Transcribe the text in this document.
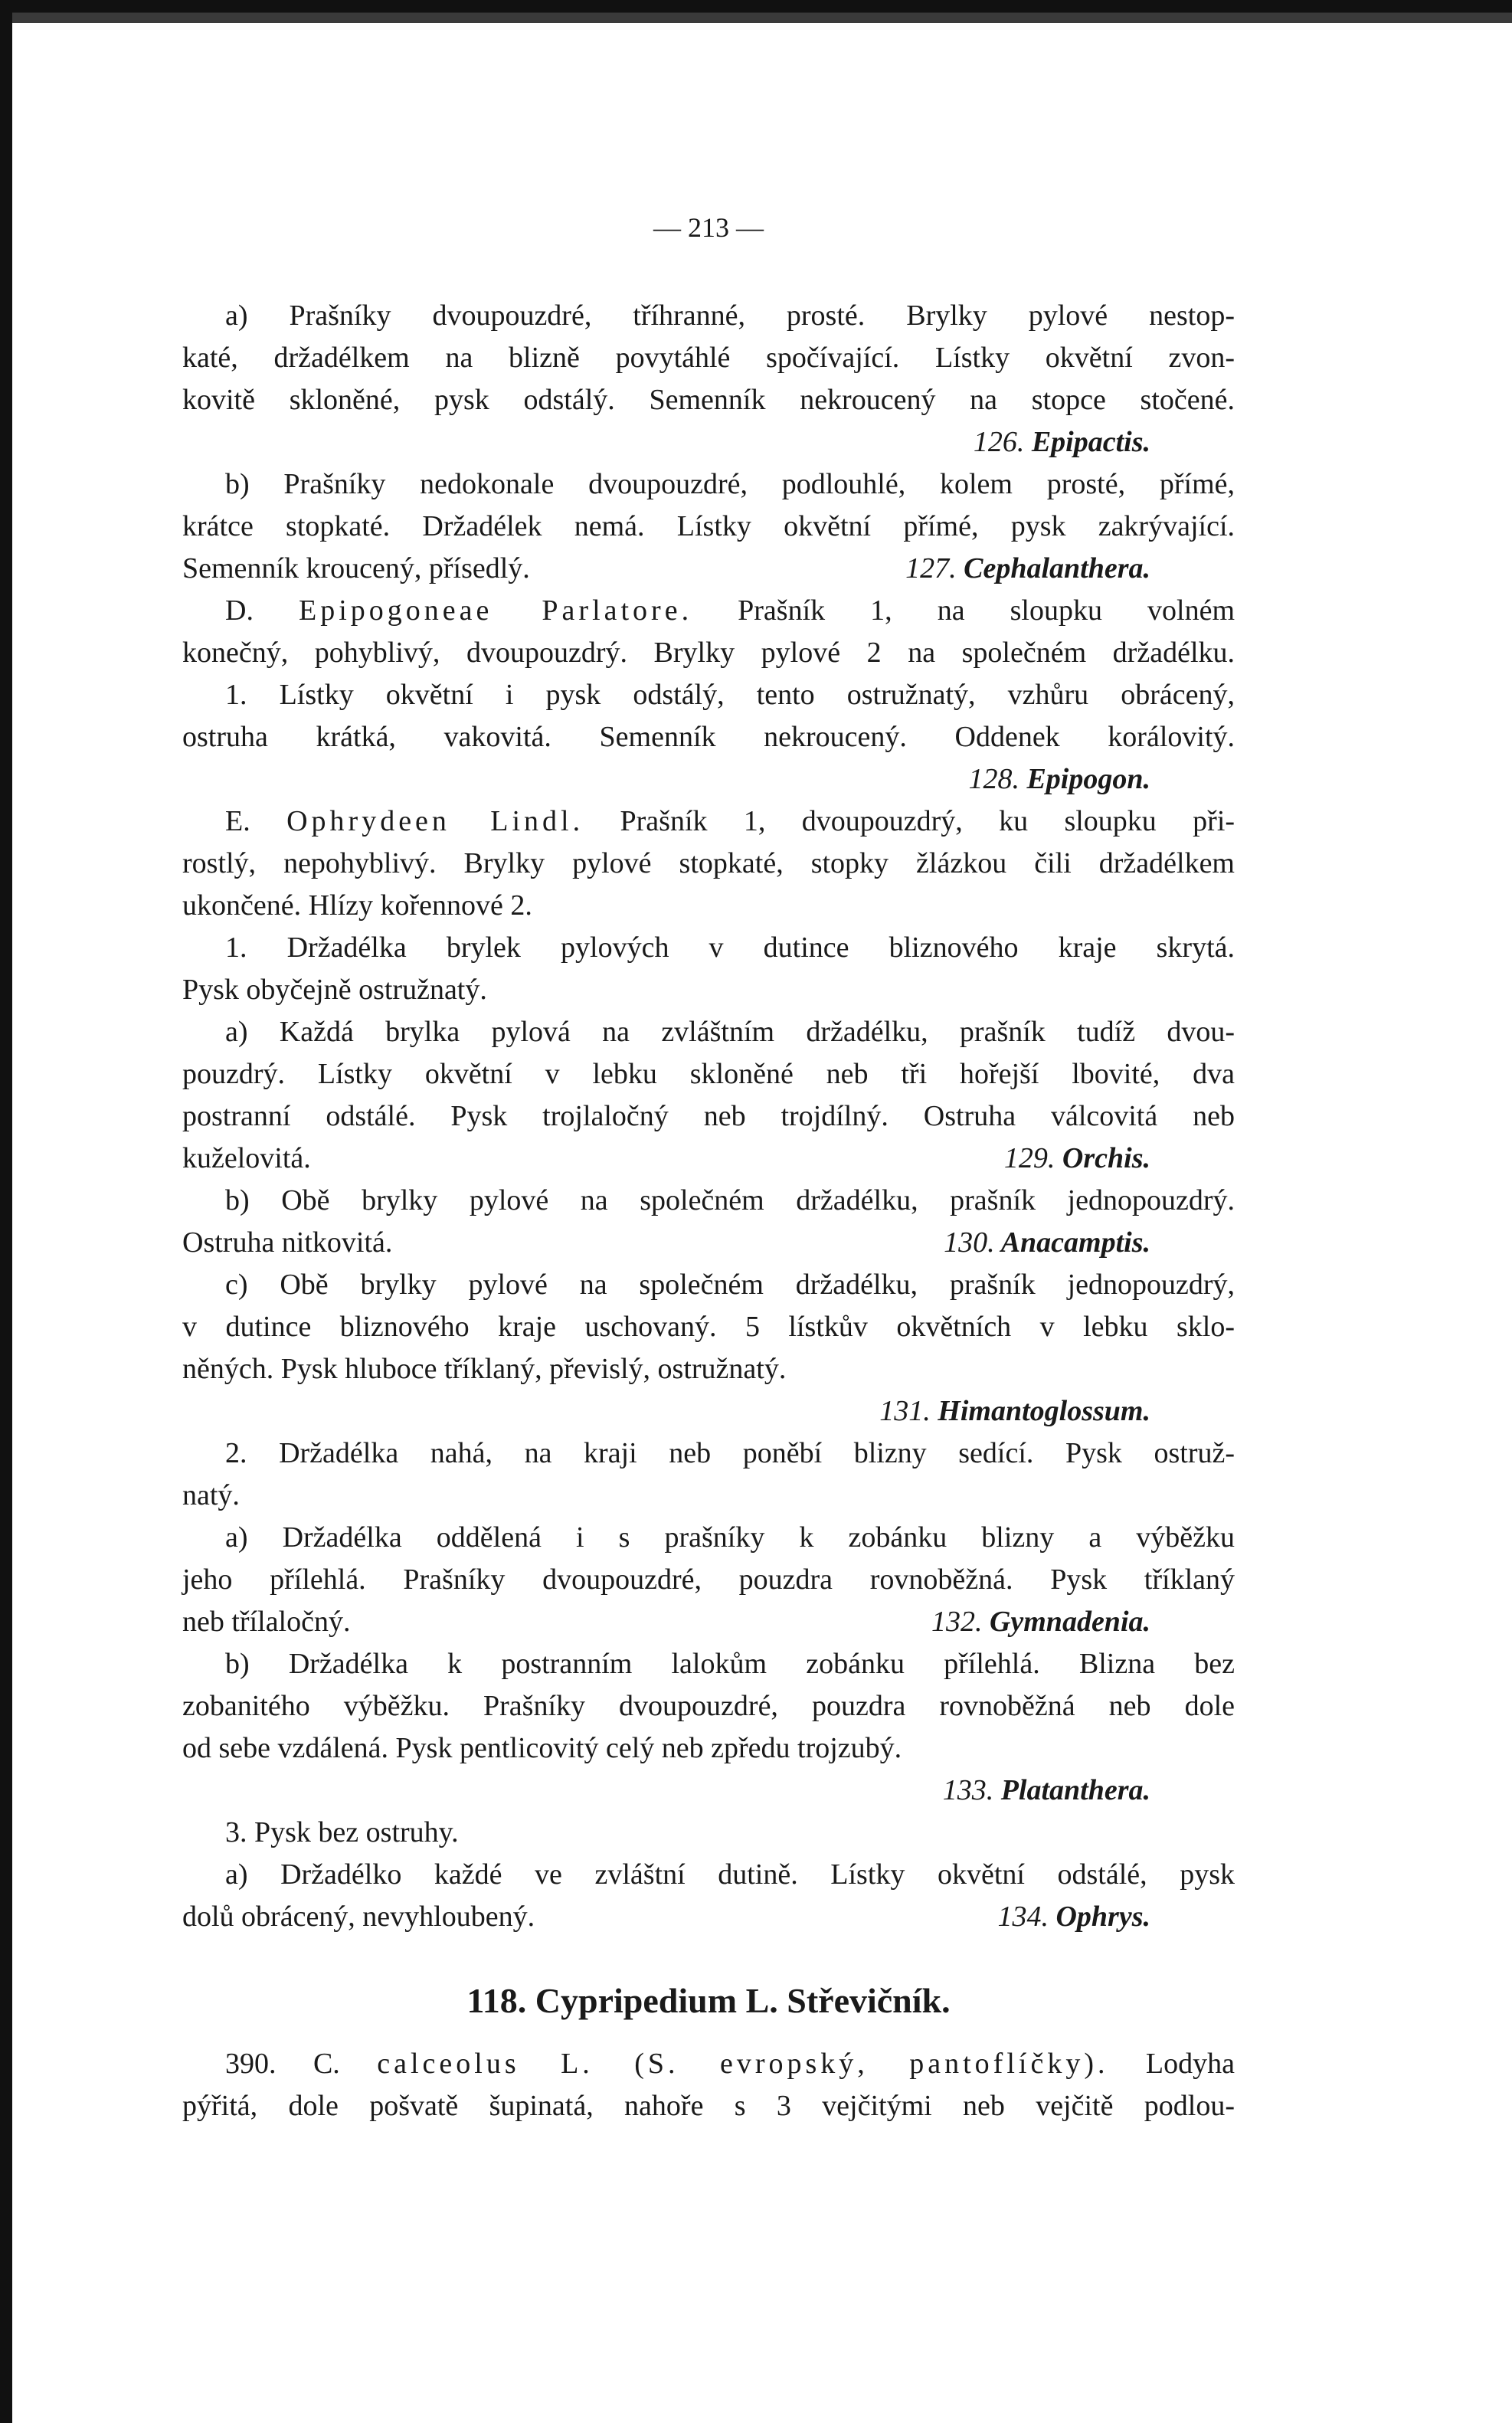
— 213 —
a) Prašníky dvoupouzdré, tříhranné, prosté. Brylky pylové nestop-
katé, držadélkem na blizně povytáhlé spočívající. Lístky okvětní zvon-
kovitě skloněné, pysk odstálý. Semenník nekroucený na stopce stočené.
126. Epipactis.
b) Prašníky nedokonale dvoupouzdré, podlouhlé, kolem prosté, přímé,
krátce stopkaté. Držadélek nemá. Lístky okvětní přímé, pysk zakrývající.
Semenník kroucený, přísedlý.	127. Cephalanthera.
D. Epipogoneae Parlatore. Prašník 1, na sloupku volném
konečný, pohyblivý, dvoupouzdrý. Brylky pylové 2 na společném držadélku.
1. Lístky okvětní i pysk odstálý, tento ostružnatý, vzhůru obrácený,
ostruha krátká, vakovitá. Semenník nekroucený. Oddenek korálovitý.
128. Epipogon.
E. Ophrydeen Lindl. Prašník 1, dvoupouzdrý, ku sloupku při-
rostlý, nepohyblivý. Brylky pylové stopkaté, stopky žlázkou čili držadélkem
ukončené. Hlízy kořennové 2.
1. Držadélka brylek pylových v dutince bliznového kraje skrytá.
Pysk obyčejně ostružnatý.
a) Každá brylka pylová na zvláštním držadélku, prašník tudíž dvou-
pouzdrý. Lístky okvětní v lebku skloněné neb tři hořejší lbovité, dva
postranní odstálé. Pysk trojlaločný neb trojdílný. Ostruha válcovitá neb
kuželovitá.	129. Orchis.
b) Obě brylky pylové na společném držadélku, prašník jednopouzdrý.
Ostruha nitkovitá.	130. Anacamptis.
c) Obě brylky pylové na společném držadélku, prašník jednopouzdrý,
v dutince bliznového kraje uschovaný. 5 lístkův okvětních v lebku sklo-
něných. Pysk hluboce tříklaný, převislý, ostružnatý.
131. Himantoglossum.
2. Držadélka nahá, na kraji neb poněbí blizny sedící. Pysk ostruž-
natý.
a) Držadélka oddělená i s prašníky k zobánku blizny a výběžku
jeho přílehlá. Prašníky dvoupouzdré, pouzdra rovnoběžná. Pysk tříklaný
neb třílaločný.	132. Gymnadenia.
b) Držadélka k postranním lalokům zobánku přílehlá. Blizna bez
zobanitého výběžku. Prašníky dvoupouzdré, pouzdra rovnoběžná neb dole
od sebe vzdálená. Pysk pentlicovitý celý neb zpředu trojzubý.
133. Platanthera.
3. Pysk bez ostruhy.
a) Držadélko každé ve zvláštní dutině. Lístky okvětní odstálé, pysk
dolů obrácený, nevyhloubený.	134. Ophrys.
118. Cypripedium L. Střevičník.
390. C. calceolus L. (S. evropský, pantoflíčky). Lodyha
pýřitá, dole pošvatě šupinatá, nahoře s 3 vejčitými neb vejčitě podlou-
